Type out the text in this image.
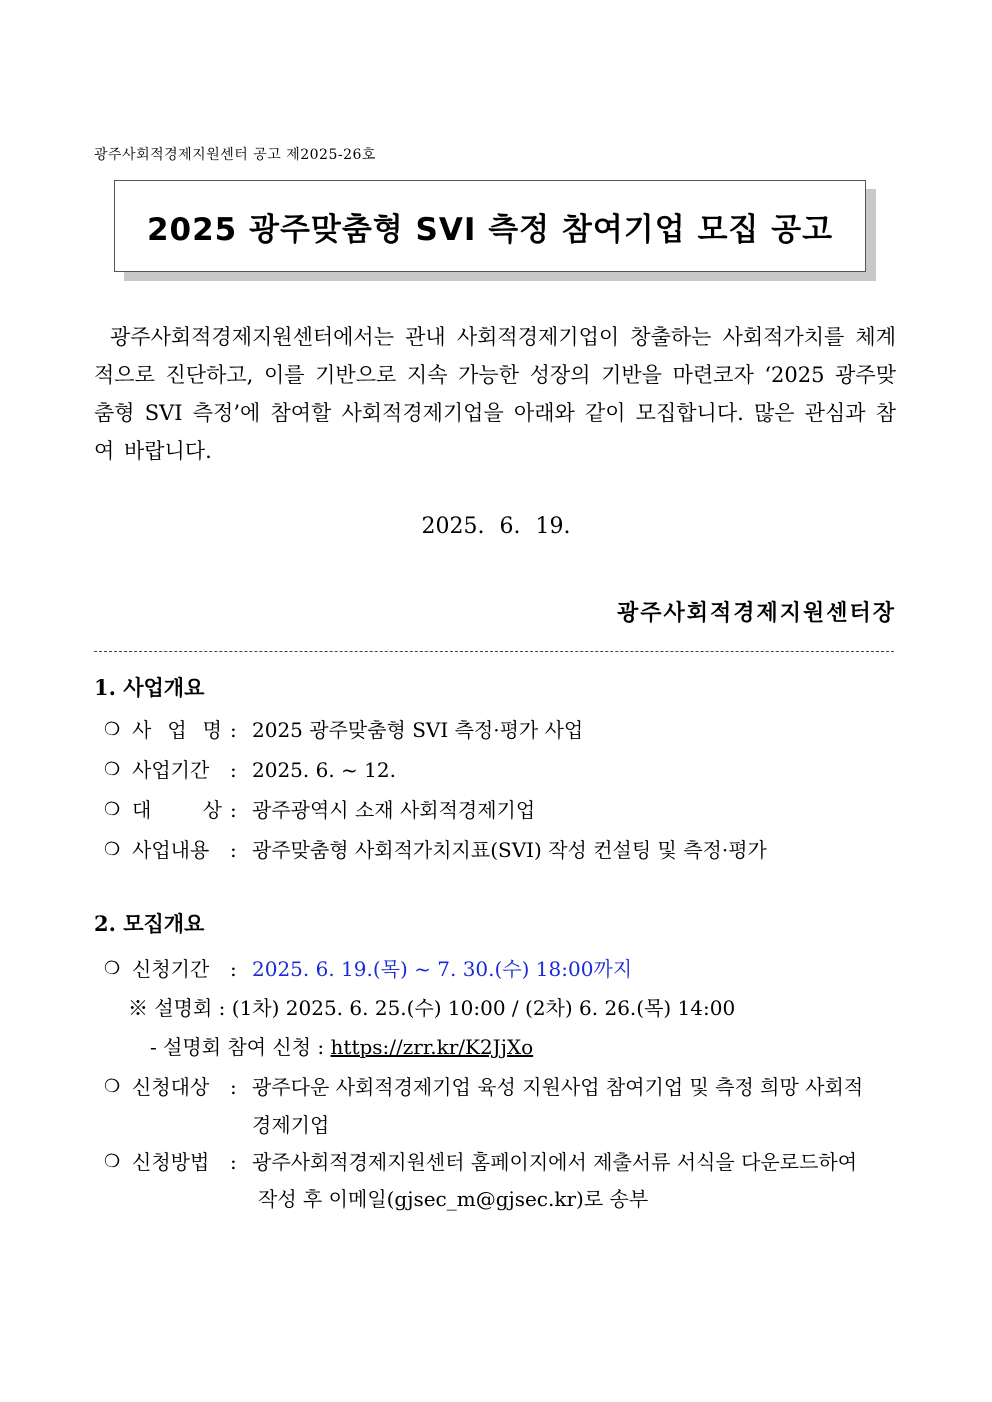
광주사회적경제지원센터 공고 제2025-26호
2025 광주맞춤형 SVI 측정 참여기업 모집 공고
광주사회적경제지원센터에서는 관내 사회적경제기업이 창출하는 사회적가치를 체계적으로 진단하고, 이를 기반으로 지속 가능한 성장의 기반을 마련코자 ‘2025 광주맞춤형 SVI 측정’에 참여할 사회적경제기업을 아래와 같이 모집합니다. 많은 관심과 참여 바랍니다.
2025. 6. 19.
광주사회적경제지원센터장
1. 사업개요
❍ 사 업 명 : 2025 광주맞춤형 SVI 측정·평가 사업
❍ 사업기간	: 2025. 6. ~ 12.
❍ 대 상 : 광주광역시 소재 사회적경제기업
❍ 사업내용	: 광주맞춤형 사회적가치지표(SVI) 작성 컨설팅 및 측정·평가
2. 모집개요
❍ 신청기간	: 2025. 6. 19.(목) ~ 7. 30.(수) 18:00까지
※ 설명회 : (1차) 2025. 6. 25.(수) 10:00 / (2차) 6. 26.(목) 14:00
- 설명회 참여 신청 : https://zrr.kr/K2JjXo
❍ 신청대상	: 광주다운 사회적경제기업 육성 지원사업 참여기업 및 측정 희망 사회적
경제기업
❍ 신청방법	: 광주사회적경제지원센터 홈페이지에서 제출서류 서식을 다운로드하여
작성 후 이메일(gjsec_m@gjsec.kr)로 송부
